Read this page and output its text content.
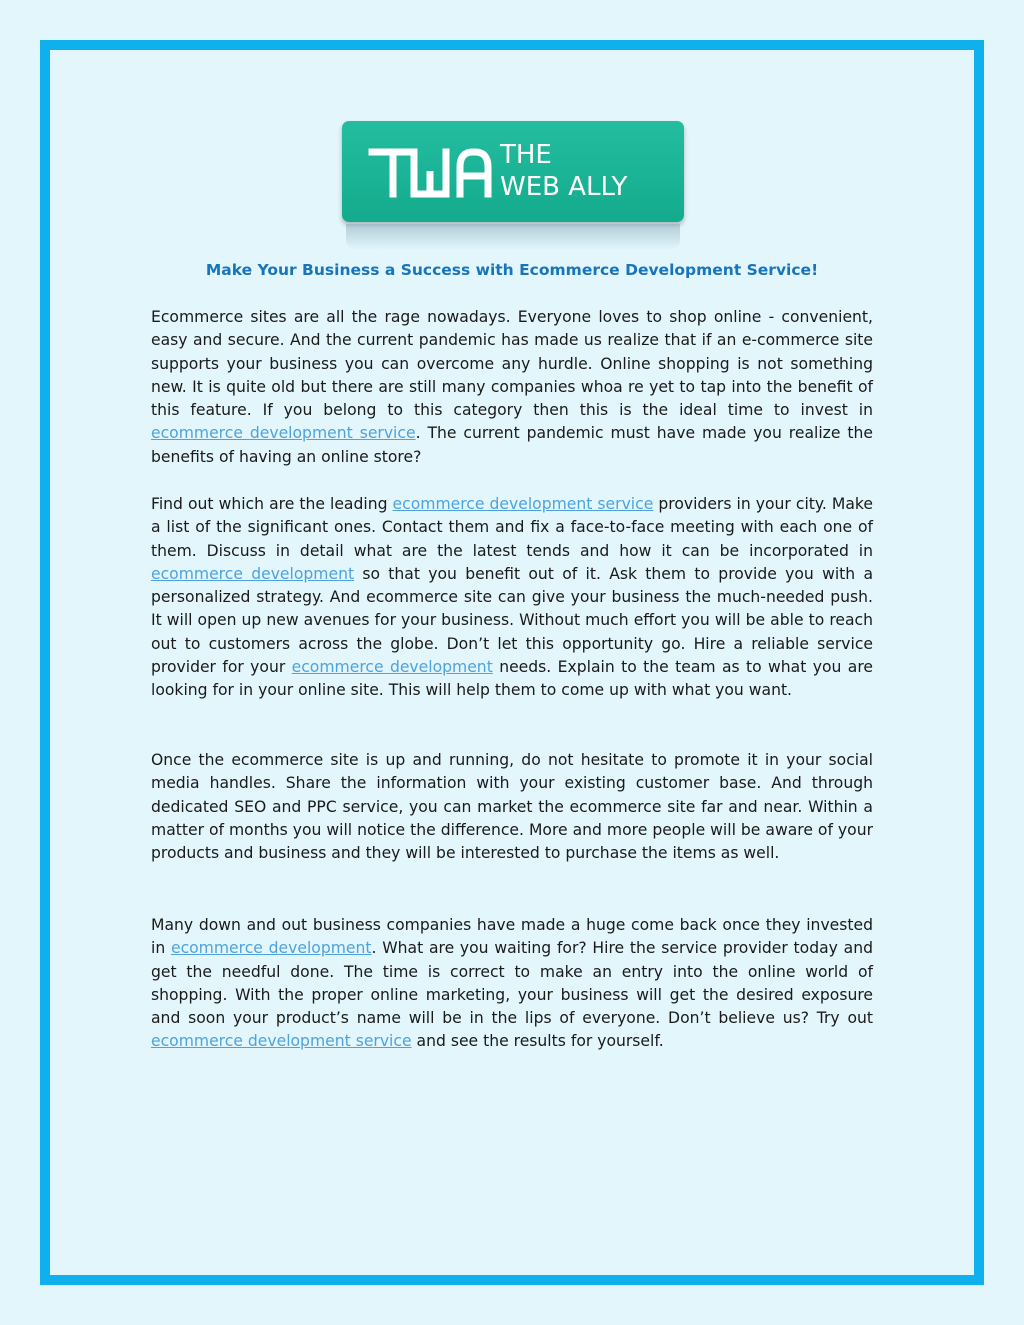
THE
WEB ALLY
Make Your Business a Success with Ecommerce Development Service!

Ecommerce sites are all the rage nowadays. Everyone loves to shop online - convenient, easy and secure. And the current pandemic has made us realize that if an e-commerce site supports your business you can overcome any hurdle. Online shopping is not something new. It is quite old but there are still many companies whoa re yet to tap into the benefit of this feature. If you belong to this category then this is the ideal time to invest in ecommerce development service. The current pandemic must have made you realize the benefits of having an online store?

Find out which are the leading ecommerce development service providers in your city. Make a list of the significant ones. Contact them and fix a face-to-face meeting with each one of them. Discuss in detail what are the latest tends and how it can be incorporated in ecommerce development so that you benefit out of it. Ask them to provide you with a personalized strategy. And ecommerce site can give your business the much-needed push. It will open up new avenues for your business. Without much effort you will be able to reach out to customers across the globe. Don’t let this opportunity go. Hire a reliable service provider for your ecommerce development needs. Explain to the team as to what you are looking for in your online site. This will help them to come up with what you want.

Once the ecommerce site is up and running, do not hesitate to promote it in your social media handles. Share the information with your existing customer base. And through dedicated SEO and PPC service, you can market the ecommerce site far and near. Within a matter of months you will notice the difference. More and more people will be aware of your products and business and they will be interested to purchase the items as well.

Many down and out business companies have made a huge come back once they invested in ecommerce development. What are you waiting for? Hire the service provider today and get the needful done. The time is correct to make an entry into the online world of shopping. With the proper online marketing, your business will get the desired exposure and soon your product’s name will be in the lips of everyone. Don’t believe us? Try out ecommerce development service and see the results for yourself.
